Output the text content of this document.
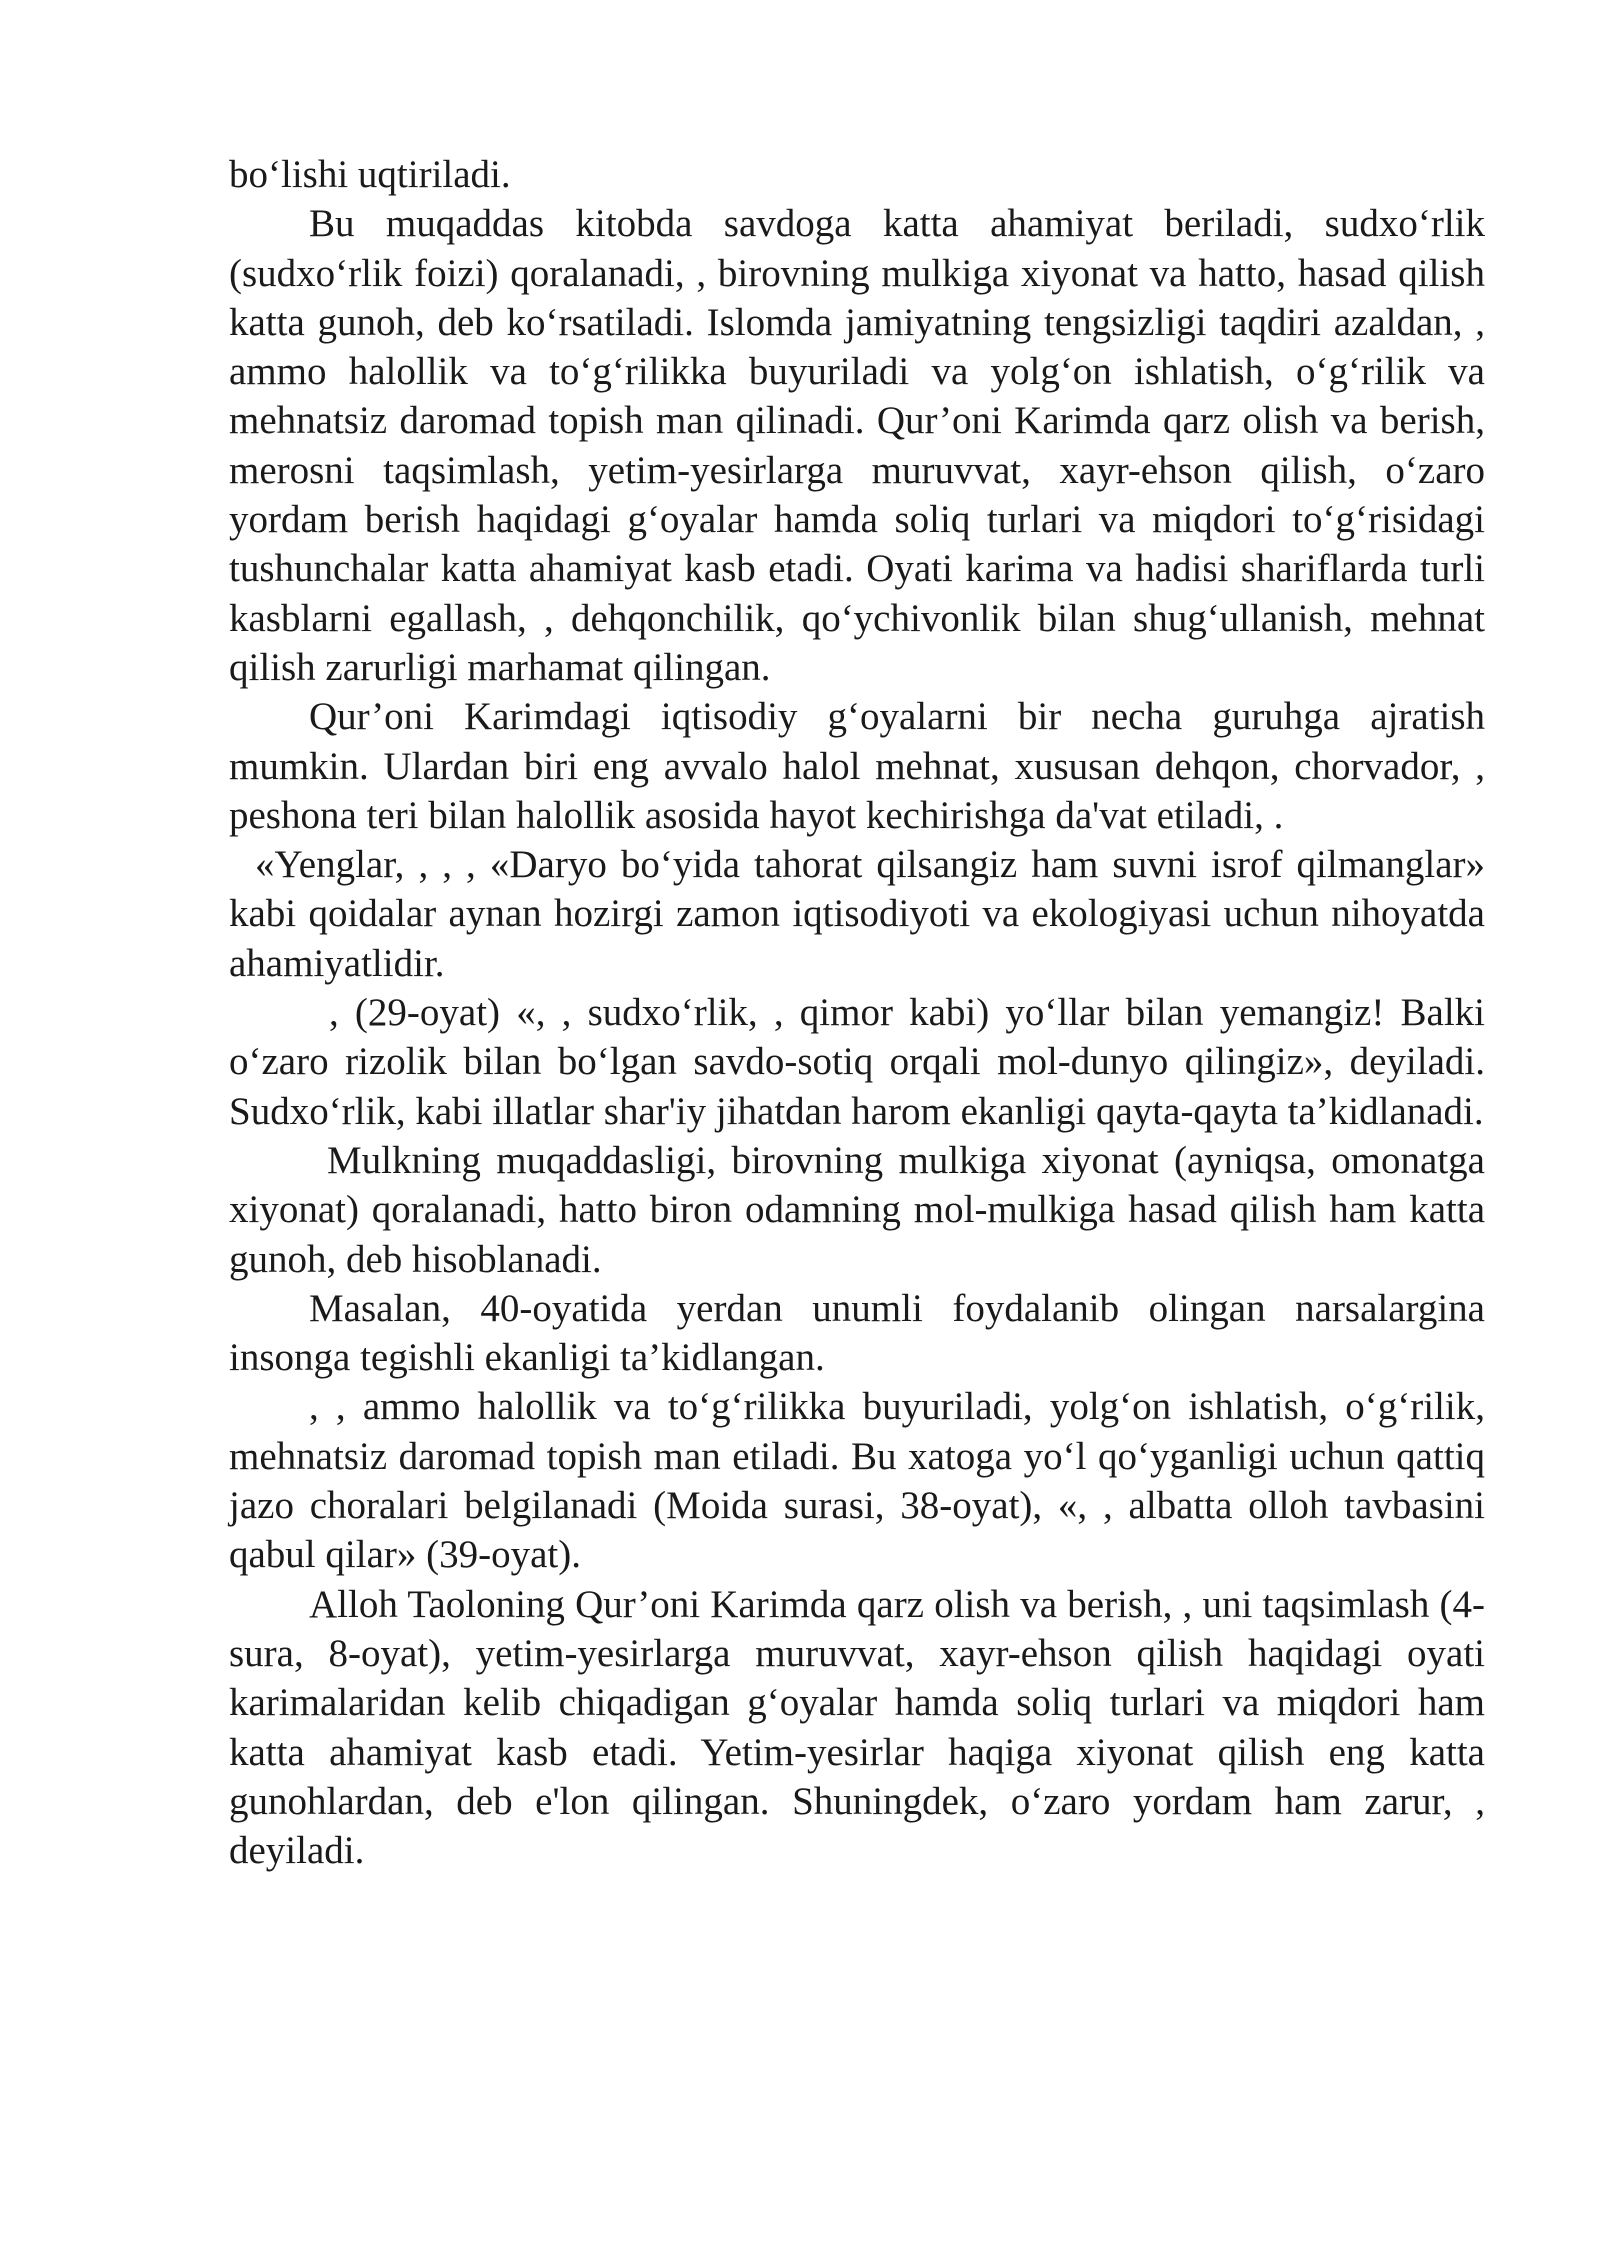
bo‘lishi uqtiriladi.

Bu muqaddas kitobda savdoga katta ahamiyat beriladi, sudxo‘rlik (sudxo‘rlik foizi) qoralanadi, , birovning mulkiga xiyonat va hatto, hasad qilish katta gunoh, deb ko‘rsatiladi. Islomda jamiyatning tengsizligi taqdiri azaldan, , ammo halollik va to‘g‘rilikka buyuriladi va yolg‘on ishlatish, o‘g‘rilik va mehnatsiz daromad topish man qilinadi. Qur’oni Karimda qarz olish va berish, merosni taqsimlash, yetim-yesirlarga muruvvat, xayr-ehson qilish, o‘zaro yordam berish haqidagi g‘oyalar hamda soliq turlari va miqdori to‘g‘risidagi tushunchalar katta ahamiyat kasb etadi. Oyati karima va hadisi shariflarda turli kasblarni egallash, , dehqonchilik, qo‘ychivonlik bilan shug‘ullanish, mehnat qilish zarurligi marhamat qilingan.

Qur’oni Karimdagi iqtisodiy g‘oyalarni bir necha guruhga ajratish mumkin. Ulardan biri eng avvalo halol mehnat, xususan dehqon, chorvador, , peshona teri bilan halollik asosida hayot kechirishga da'vat etiladi, .

«Yenglar, , , , «Daryo bo‘yida tahorat qilsangiz ham suvni isrof qilmanglar» kabi qoidalar aynan hozirgi zamon iqtisodiyoti va ekologiyasi uchun nihoyatda ahamiyatlidir.

, (29-oyat) «, , sudxo‘rlik, , qimor kabi) yo‘llar bilan yemangiz! Balki o‘zaro rizolik bilan bo‘lgan savdo-sotiq orqali mol-dunyo qilingiz», deyiladi. Sudxo‘rlik, kabi illatlar shar'iy jihatdan harom ekanligi qayta-qayta ta’kidlanadi.

Mulkning muqaddasligi, birovning mulkiga xiyonat (ayniqsa, omonatga xiyonat) qoralanadi, hatto biron odamning mol-mulkiga hasad qilish ham katta gunoh, deb hisoblanadi.

Masalan, 40-oyatida yerdan unumli foydalanib olingan narsalargina insonga tegishli ekanligi ta’kidlangan.

, , ammo halollik va to‘g‘rilikka buyuriladi, yolg‘on ishlatish, o‘g‘rilik, mehnatsiz daromad topish man etiladi. Bu xatoga yo‘l qo‘yganligi uchun qattiq jazo choralari belgilanadi (Moida surasi, 38-oyat), «, , albatta olloh tavbasini qabul qilar» (39-oyat).

Alloh Taoloning Qur’oni Karimda qarz olish va berish, , uni taqsimlash (4-sura, 8-oyat), yetim-yesirlarga muruvvat, xayr-ehson qilish haqidagi oyati karimalaridan kelib chiqadigan g‘oyalar hamda soliq turlari va miqdori ham katta ahamiyat kasb etadi. Yetim-yesirlar haqiga xiyonat qilish eng katta gunohlardan, deb e'lon qilingan. Shuningdek, o‘zaro yordam ham zarur, , deyiladi.
